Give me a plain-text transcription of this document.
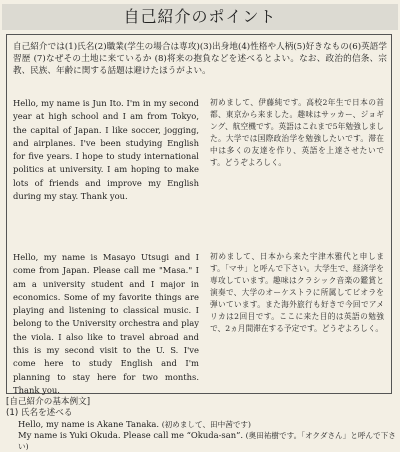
自己紹介のポイント

自己紹介では(1)氏名(2)職業(学生の場合は専攻)(3)出身地(4)性格や人柄(5)好きなもの(6)英語学習歴 (7)なぜその土地に来ているか (8)将来の抱負などを述べるとよい。なお、政治的信条、宗教、民族、年齢に関する話題は避けたほうがよい。

Hello, my name is Jun Ito. I'm in my second year at high school and I am from Tokyo, the capital of Japan. I like soccer, jogging, and airplanes. I've been studying English for five years. I hope to study international politics at university. I am hoping to make lots of friends and improve my English during my stay. Thank you.

初めまして、伊藤純です。高校2年生で日本の首都、東京から来ました。趣味はサッカー、ジョギング、航空機です。英語はこれまで5年勉強しました。大学では国際政治学を勉強したいです。滞在中は多くの友達を作り、英語を上達させたいです。どうぞよろしく。

Hello, my name is Masayo Utsugi and I come from Japan. Please call me "Masa." I am a university student and I major in economics. Some of my favorite things are playing and listening to classical music. I belong to the University orchestra and play the viola. I also like to travel abroad and this is my second visit to the U. S. I've come here to study English and I'm planning to stay here for two months. Thank you.

初めまして、日本から来た宇津木雅代と申します。「マサ」と呼んで下さい。大学生で、経済学を専攻しています。趣味はクラシック音楽の鑑賞と演奏で、大学のオーケストラに所属してビオラを弾いています。また海外旅行も好きで今回でアメリカは2回目です。ここに来た目的は英語の勉強で、2ヵ月間滞在する予定です。どうぞよろしく。

[自己紹介の基本例文]
(1) 氏名を述べる
Hello, my name is Akane Tanaka. (初めまして、田中茜です)
My name is Yuki Okuda. Please call me “Okuda-san”. (奥田祐樹です。「オクダさん」と呼んで下さい)
